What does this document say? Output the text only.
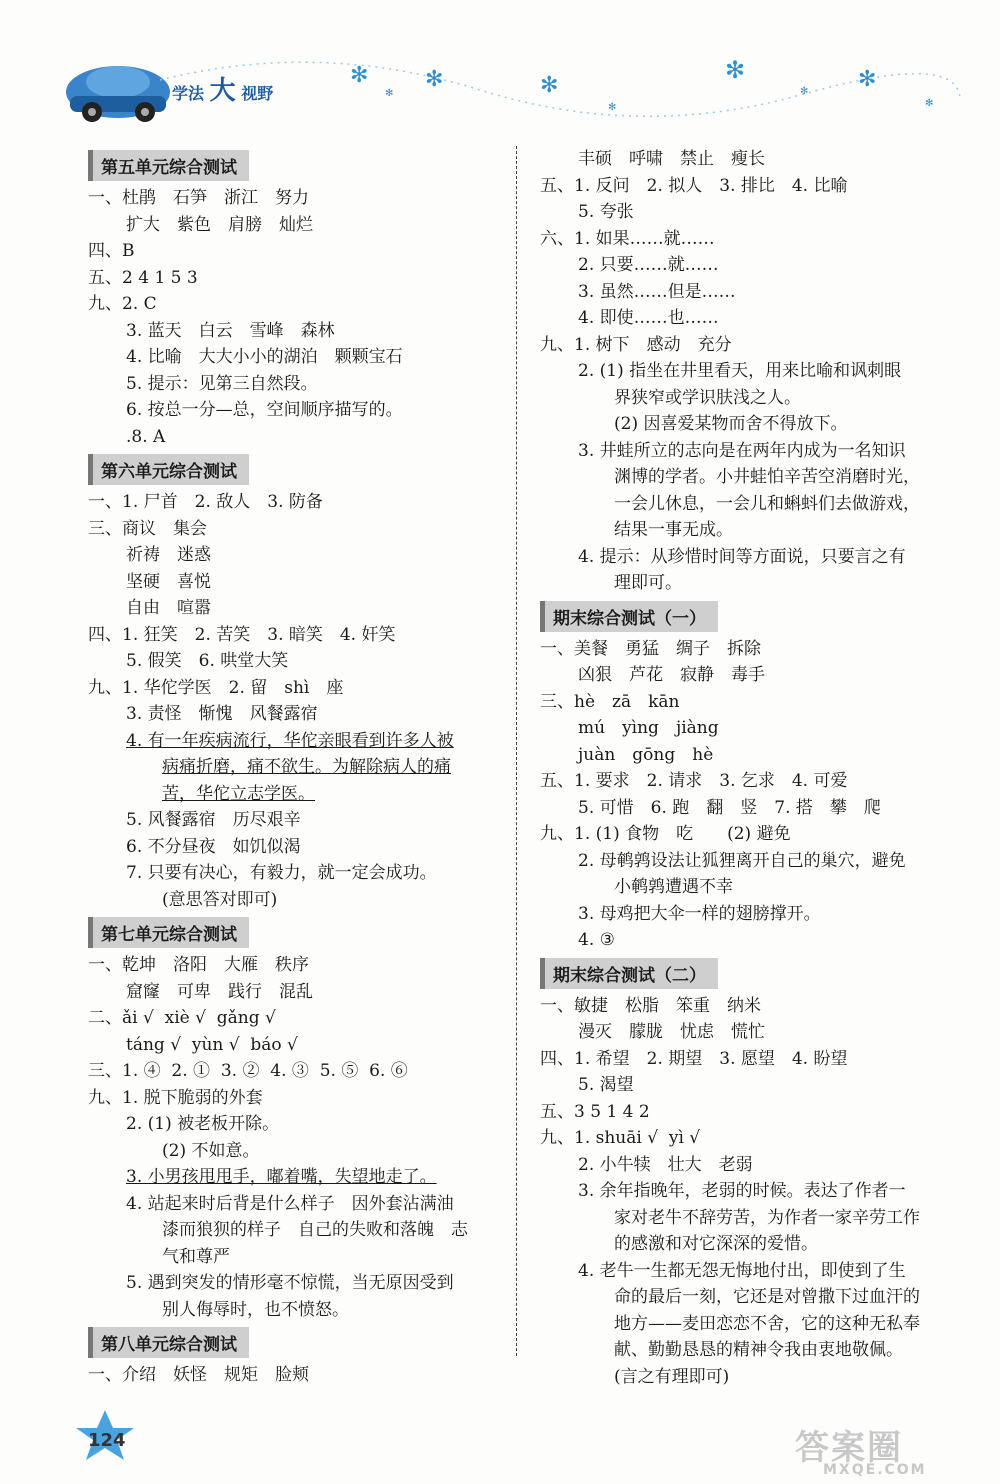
✻	✻	✻
✻	✻
✻
✻
✻
✻
学法 大 视野
第五单元综合测试
一、杜鹃　石笋　浙江　努力
扩大　紫色　肩膀　灿烂
四、B
五、2 4 1 5 3
九、2. C
3. 蓝天　白云　雪峰　森林
4. 比喻　大大小小的湖泊　颗颗宝石
5. 提示：见第三自然段。
6. 按总一分—总，空间顺序描写的。
.8. A
第六单元综合测试
一、1. 尸首　2. 敌人　3. 防备
三、商议　集会
祈祷　迷惑
坚硬　喜悦
自由　喧嚣
四、1. 狂笑　2. 苦笑　3. 暗笑　4. 奸笑
5. 假笑　6. 哄堂大笑
九、1. 华佗学医　2. 留　shì　座
3. 责怪　惭愧　风餐露宿
4. 有一年疾病流行，华佗亲眼看到许多人被
病痛折磨，痛不欲生。为解除病人的痛
苦，华佗立志学医。
5. 风餐露宿　历尽艰辛
6. 不分昼夜　如饥似渴
7. 只要有决心，有毅力，就一定会成功。
(意思答对即可)
第七单元综合测试
一、乾坤　洛阳　大雁　秩序
窟窿　可卑　践行　混乱
二、ǎi √  xiè √  gǎng √
táng √  yùn √  báo √
三、1. ④  2. ①  3. ②  4. ③  5. ⑤  6. ⑥
九、1. 脱下脆弱的外套
2. (1) 被老板开除。
(2) 不如意。
3. 小男孩甩甩手，嘟着嘴，失望地走了。
4. 站起来时后背是什么样子　因外套沾满油
漆而狼狈的样子　自己的失败和落魄　志
气和尊严
5. 遇到突发的情形毫不惊慌，当无原因受到
别人侮辱时，也不愤怒。
第八单元综合测试
一、介绍　妖怪　规矩　脸颊
丰硕　呼啸　禁止　瘦长
五、1. 反问　2. 拟人　3. 排比　4. 比喻
5. 夸张
六、1. 如果……就……
2. 只要……就……
3. 虽然……但是……
4. 即使……也……
九、1. 树下　感动　充分
2. (1) 指坐在井里看天，用来比喻和讽刺眼
界狭窄或学识肤浅之人。
(2) 因喜爱某物而舍不得放下。
3. 井蛙所立的志向是在两年内成为一名知识
渊博的学者。小井蛙怕辛苦空消磨时光，
一会儿休息，一会儿和蝌蚪们去做游戏，
结果一事无成。
4. 提示：从珍惜时间等方面说，只要言之有
理即可。
期末综合测试（一）
一、美餐　勇猛　绸子　拆除
凶狠　芦花　寂静　毒手
三、hè　zā　kān
mú　yìng　jiàng
juàn　gōng　hè
五、1. 要求　2. 请求　3. 乞求　4. 可爱
5. 可惜　6. 跑　翻　竖　7. 搭　攀　爬
九、1. (1) 食物　吃　　(2) 避免
2. 母鹌鹑设法让狐狸离开自己的巢穴，避免
小鹌鹑遭遇不幸
3. 母鸡把大伞一样的翅膀撑开。
4. ③
期末综合测试（二）
一、敏捷　松脂　笨重　纳米
漫灭　朦胧　忧虑　慌忙
四、1. 希望　2. 期望　3. 愿望　4. 盼望
5. 渴望
五、3 5 1 4 2
九、1. shuāi √  yì √
2. 小牛犊　壮大　老弱
3. 余年指晚年，老弱的时候。表达了作者一
家对老牛不辞劳苦，为作者一家辛劳工作
的感激和对它深深的爱惜。
4. 老牛一生都无怨无悔地付出，即使到了生
命的最后一刻，它还是对曾撒下过血汗的
地方——麦田恋恋不舍，它的这种无私奉
献、勤勤恳恳的精神令我由衷地敬佩。
(言之有理即可)
124	答案圈
MXQE.COM
